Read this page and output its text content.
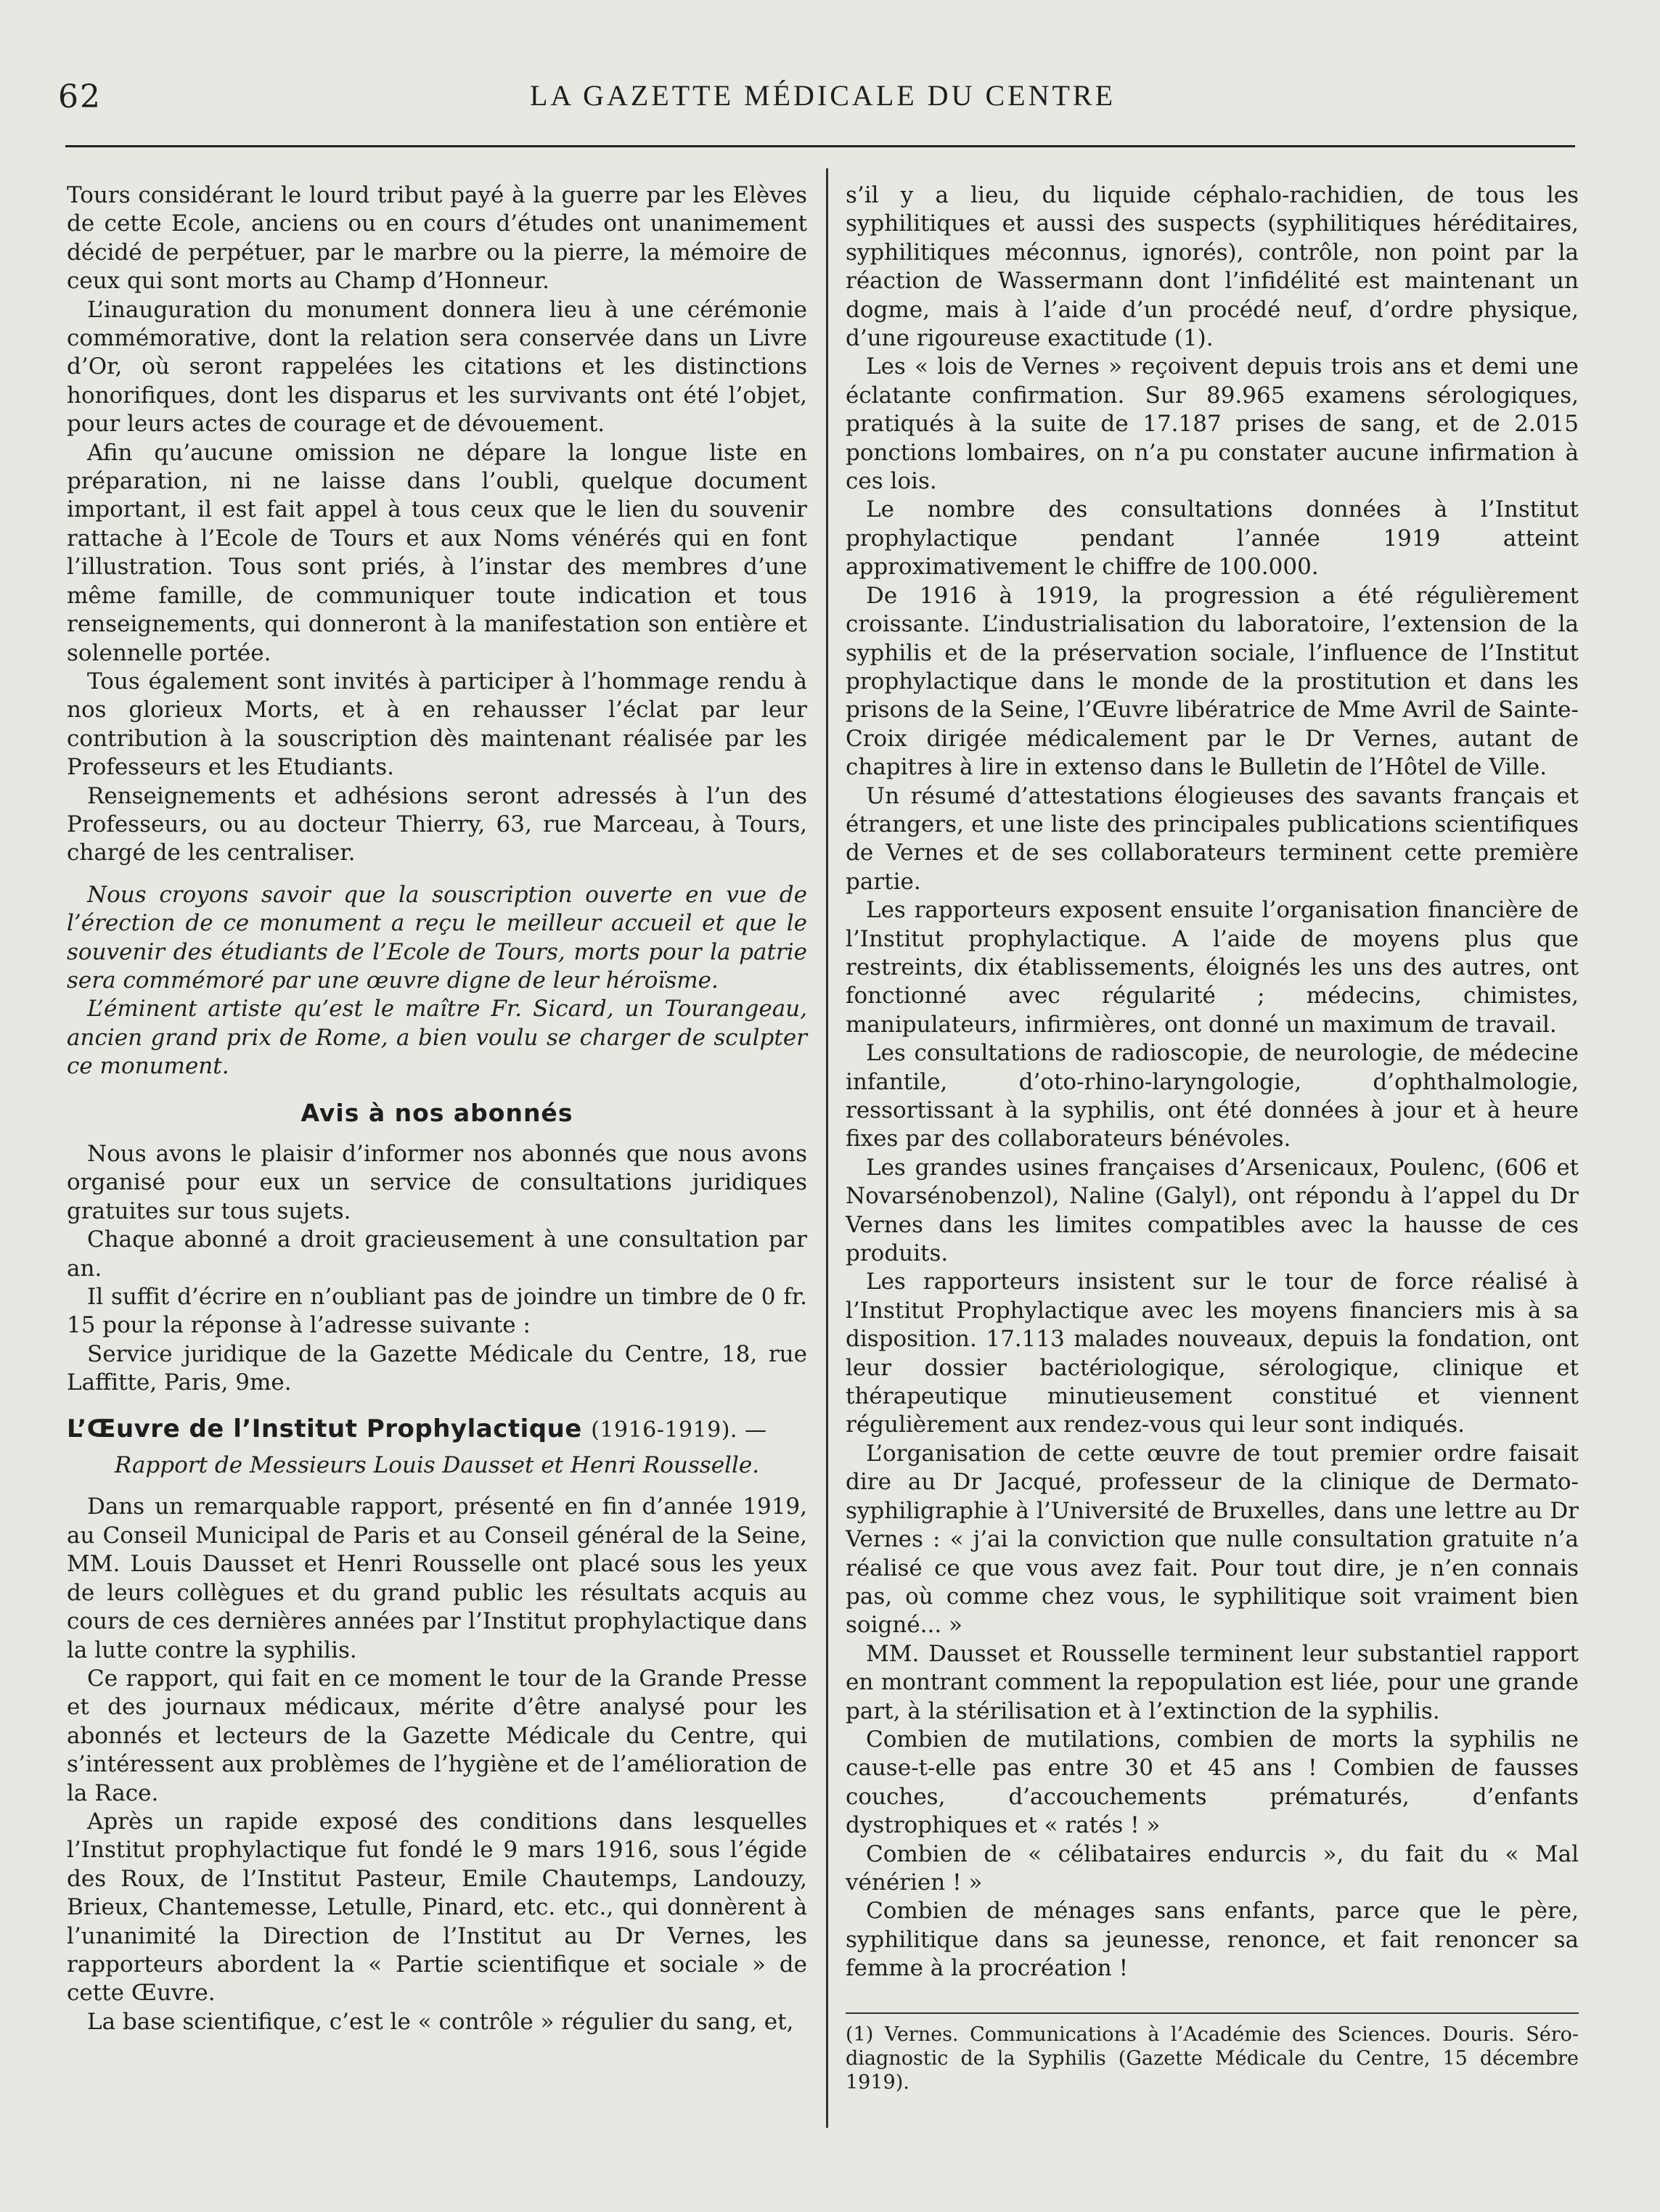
62	LA GAZETTE MÉDICALE DU CENTRE

Tours considérant le lourd tribut payé à la guerre par les Elèves de cette Ecole, anciens ou en cours d’études ont unanimement décidé de perpétuer, par le marbre ou la pierre, la mémoire de ceux qui sont morts au Champ d’Honneur.

L’inauguration du monument donnera lieu à une cérémonie commémorative, dont la relation sera conservée dans un Livre d’Or, où seront rappelées les citations et les distinctions honorifiques, dont les disparus et les survivants ont été l’objet, pour leurs actes de courage et de dévouement.

Afin qu’aucune omission ne dépare la longue liste en préparation, ni ne laisse dans l’oubli, quelque document important, il est fait appel à tous ceux que le lien du souvenir rattache à l’Ecole de Tours et aux Noms vénérés qui en font l’illustration. Tous sont priés, à l’instar des membres d’une même famille, de communiquer toute indication et tous renseignements, qui donneront à la manifestation son entière et solennelle portée.

Tous également sont invités à participer à l’hommage rendu à nos glorieux Morts, et à en rehausser l’éclat par leur contribution à la souscription dès maintenant réalisée par les Professeurs et les Etudiants.

Renseignements et adhésions seront adressés à l’un des Professeurs, ou au docteur Thierry, 63, rue Marceau, à Tours, chargé de les centraliser.

Nous croyons savoir que la souscription ouverte en vue de l’érection de ce monument a reçu le meilleur accueil et que le souvenir des étudiants de l’Ecole de Tours, morts pour la patrie sera commémoré par une œuvre digne de leur héroïsme.

L’éminent artiste qu’est le maître Fr. Sicard, un Tourangeau, ancien grand prix de Rome, a bien voulu se charger de sculpter ce monument.

Avis à nos abonnés

Nous avons le plaisir d’informer nos abonnés que nous avons organisé pour eux un service de consultations juridiques gratuites sur tous sujets.

Chaque abonné a droit gracieusement à une consultation par an.

Il suffit d’écrire en n’oubliant pas de joindre un timbre de 0 fr. 15 pour la réponse à l’adresse suivante :

Service juridique de la Gazette Médicale du Centre, 18, rue Laffitte, Paris, 9me.

L’Œuvre de l’Institut Prophylactique (1916-1919). —

Rapport de Messieurs Louis Dausset et Henri Rousselle.

Dans un remarquable rapport, présenté en fin d’année 1919, au Conseil Municipal de Paris et au Conseil général de la Seine, MM. Louis Dausset et Henri Rousselle ont placé sous les yeux de leurs collègues et du grand public les résultats acquis au cours de ces dernières années par l’Institut prophylactique dans la lutte contre la syphilis.

Ce rapport, qui fait en ce moment le tour de la Grande Presse et des journaux médicaux, mérite d’être analysé pour les abonnés et lecteurs de la Gazette Médicale du Centre, qui s’intéressent aux problèmes de l’hygiène et de l’amélioration de la Race.

Après un rapide exposé des conditions dans lesquelles l’Institut prophylactique fut fondé le 9 mars 1916, sous l’égide des Roux, de l’Institut Pasteur, Emile Chautemps, Landouzy, Brieux, Chantemesse, Letulle, Pinard, etc. etc., qui donnèrent à l’unanimité la Direction de l’Institut au Dr Vernes, les rapporteurs abordent la « Partie scientifique et sociale » de cette Œuvre.

La base scientifique, c’est le « contrôle » régulier du sang, et,

s’il y a lieu, du liquide céphalo-rachidien, de tous les syphilitiques et aussi des suspects (syphilitiques héréditaires, syphilitiques méconnus, ignorés), contrôle, non point par la réaction de Wassermann dont l’infidélité est maintenant un dogme, mais à l’aide d’un procédé neuf, d’ordre physique, d’une rigoureuse exactitude (1).

Les « lois de Vernes » reçoivent depuis trois ans et demi une éclatante confirmation. Sur 89.965 examens sérologiques, pratiqués à la suite de 17.187 prises de sang, et de 2.015 ponctions lombaires, on n’a pu constater aucune infirmation à ces lois.

Le nombre des consultations données à l’Institut prophylactique pendant l’année 1919 atteint approximativement le chiffre de 100.000.

De 1916 à 1919, la progression a été régulièrement croissante. L’industrialisation du laboratoire, l’extension de la syphilis et de la préservation sociale, l’influence de l’Institut prophylactique dans le monde de la prostitution et dans les prisons de la Seine, l’Œuvre libératrice de Mme Avril de Sainte-Croix dirigée médicalement par le Dr Vernes, autant de chapitres à lire in extenso dans le Bulletin de l’Hôtel de Ville.

Un résumé d’attestations élogieuses des savants français et étrangers, et une liste des principales publications scientifiques de Vernes et de ses collaborateurs terminent cette première partie.

Les rapporteurs exposent ensuite l’organisation financière de l’Institut prophylactique. A l’aide de moyens plus que restreints, dix établissements, éloignés les uns des autres, ont fonctionné avec régularité ; médecins, chimistes, manipulateurs, infirmières, ont donné un maximum de travail.

Les consultations de radioscopie, de neurologie, de médecine infantile, d’oto-rhino-laryngologie, d’ophthalmologie, ressortissant à la syphilis, ont été données à jour et à heure fixes par des collaborateurs bénévoles.

Les grandes usines françaises d’Arsenicaux, Poulenc, (606 et Novarsénobenzol), Naline (Galyl), ont répondu à l’appel du Dr Vernes dans les limites compatibles avec la hausse de ces produits.

Les rapporteurs insistent sur le tour de force réalisé à l’Institut Prophylactique avec les moyens financiers mis à sa disposition. 17.113 malades nouveaux, depuis la fondation, ont leur dossier bactériologique, sérologique, clinique et thérapeutique minutieusement constitué et viennent régulièrement aux rendez-vous qui leur sont indiqués.

L’organisation de cette œuvre de tout premier ordre faisait dire au Dr Jacqué, professeur de la clinique de Dermato-syphiligraphie à l’Université de Bruxelles, dans une lettre au Dr Vernes : « j’ai la conviction que nulle consultation gratuite n’a réalisé ce que vous avez fait. Pour tout dire, je n’en connais pas, où comme chez vous, le syphilitique soit vraiment bien soigné... »

MM. Dausset et Rousselle terminent leur substantiel rapport en montrant comment la repopulation est liée, pour une grande part, à la stérilisation et à l’extinction de la syphilis.

Combien de mutilations, combien de morts la syphilis ne cause-t-elle pas entre 30 et 45 ans ! Combien de fausses couches, d’accouchements prématurés, d’enfants dystrophiques et « ratés ! »

Combien de « célibataires endurcis », du fait du « Mal vénérien ! »

Combien de ménages sans enfants, parce que le père, syphilitique dans sa jeunesse, renonce, et fait renoncer sa femme à la procréation !

(1) Vernes. Communications à l’Académie des Sciences. Douris. Séro-diagnostic de la Syphilis (Gazette Médicale du Centre, 15 décembre 1919).
